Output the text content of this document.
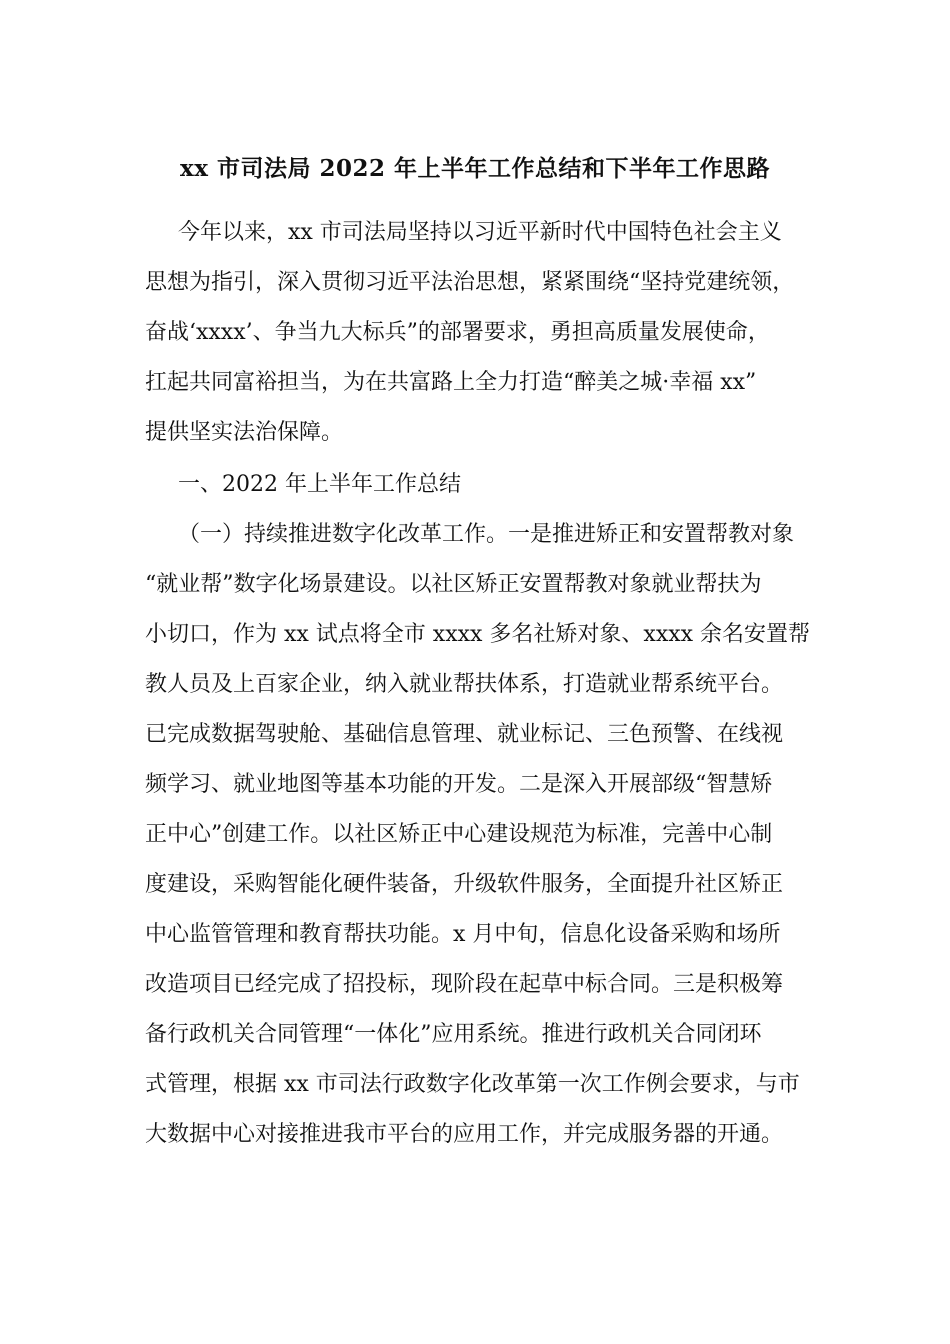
xx 市司法局 2022 年上半年工作总结和下半年工作思路
今年以来，xx 市司法局坚持以习近平新时代中国特色社会主义
思想为指引，深入贯彻习近平法治思想，紧紧围绕“坚持党建统领，
奋战‘xxxx’、争当九大标兵”的部署要求，勇担高质量发展使命，
扛起共同富裕担当，为在共富路上全力打造“醉美之城·幸福 xx”
提供坚实法治保障。
一、2022 年上半年工作总结
（一）持续推进数字化改革工作。一是推进矫正和安置帮教对象
“就业帮”数字化场景建设。以社区矫正安置帮教对象就业帮扶为
小切口，作为 xx 试点将全市 xxxx 多名社矫对象、xxxx 余名安置帮
教人员及上百家企业，纳入就业帮扶体系，打造就业帮系统平台。
已完成数据驾驶舱、基础信息管理、就业标记、三色预警、在线视
频学习、就业地图等基本功能的开发。二是深入开展部级“智慧矫
正中心”创建工作。以社区矫正中心建设规范为标准，完善中心制
度建设，采购智能化硬件装备，升级软件服务，全面提升社区矫正
中心监管管理和教育帮扶功能。x 月中旬，信息化设备采购和场所
改造项目已经完成了招投标，现阶段在起草中标合同。三是积极筹
备行政机关合同管理“一体化”应用系统。推进行政机关合同闭环
式管理，根据 xx 市司法行政数字化改革第一次工作例会要求，与市
大数据中心对接推进我市平台的应用工作，并完成服务器的开通。
